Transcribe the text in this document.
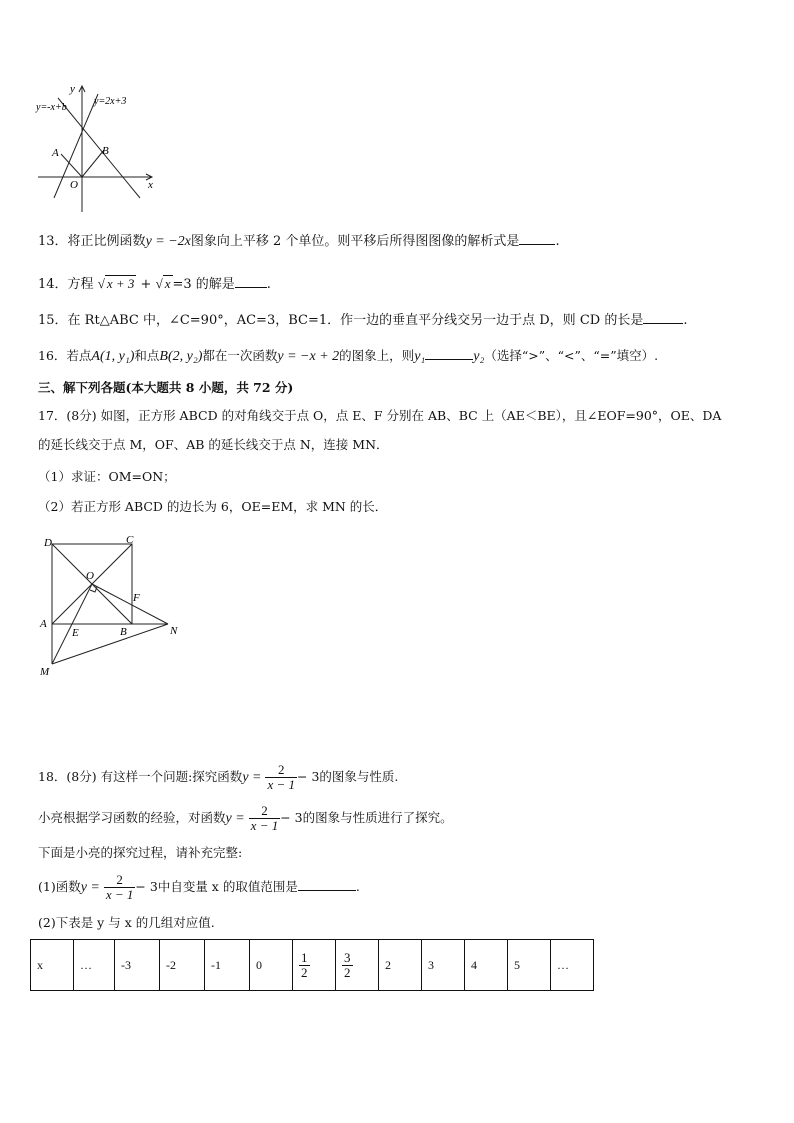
y
x
O
A	B
y=-x+b
y=2x+3
13．将正比例函数y = −2x图象向上平移 2 个单位。则平移后所得图图像的解析式是	.
14．方程 √ x + 3 + √ x =3 的解是 .
15．在 Rt△ABC 中，∠C=90°，AC=3，BC=1．作一边的垂直平分线交另一边于点 D，则 CD 的长是	.
16．若点A(1, y₁)和点B(2, y₂)都在一次函数y = −x + 2的图象上，则y₁	y₂（选择“>”、“<”、“=”填空）.
三、解下列各题(本大题共 8 小题，共 72 分)
17．(8分) 如图，正方形 ABCD 的对角线交于点 O，点 E、F 分别在 AB、BC 上（AE＜BE），且∠EOF=90°，OE、DA
的延长线交于点 M，OF、AB 的延长线交于点 N，连接 MN．
（1）求证：OM=ON；
（2）若正方形 ABCD 的边长为 6，OE=EM，求 MN 的长．
D	C
O
F
A
E	B	N
M
18．(8分) 有这样一个问题:探究函数$y = \frac{2}{x - 1} - 3$的图象与性质.
小亮根据学习函数的经验，对函数$y = \frac{2}{x - 1} - 3$的图象与性质进行了探究。
下面是小亮的探究过程，请补充完整:
(1)函数$y = \frac{2}{x - 1} - 3$中自变量 x 的取值范围是	.
(2)下表是 y 与 x 的几组对应值.
x	…	-3	-2	-1	0	$\frac{1}{2}$	$\frac{3}{2}$	2	3	4	5	…
